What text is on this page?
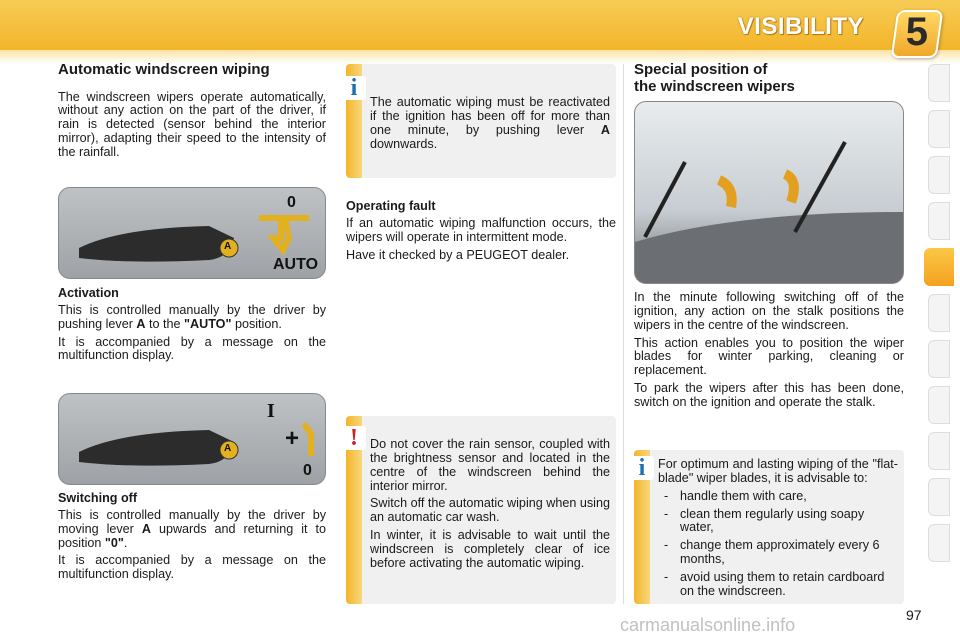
VISIBILITY 5
Automatic windscreen wiping

The windscreen wipers operate automatically, without any action on the part of the driver, if rain is detected (sensor behind the interior mirror), adapting their speed to the intensity of the rainfall.

0
AUTO
A
Activation

This is controlled manually by the driver by pushing lever A to the "AUTO" position.

It is accompanied by a message on the multifunction display.

I
+
0
A
Switching off

This is controlled manually by the driver by moving lever A upwards and returning it to position "0".

It is accompanied by a message on the multifunction display.

The automatic wiping must be reactivated if the ignition has been off for more than one minute, by pushing lever A downwards.

i
Operating fault

If an automatic wiping malfunction occurs, the wipers will operate in intermittent mode.

Have it checked by a PEUGEOT dealer.

Do not cover the rain sensor, coupled with the brightness sensor and located in the centre of the windscreen behind the interior mirror.

Switch off the automatic wiping when using an automatic car wash.

In winter, it is advisable to wait until the windscreen is completely clear of ice before activating the automatic wiping.

!
Special position of
the windscreen wipers

In the minute following switching off of the ignition, any action on the stalk positions the wipers in the centre of the windscreen.

This action enables you to position the wiper blades for winter parking, cleaning or replacement.

To park the wipers after this has been done, switch on the ignition and operate the stalk.

For optimum and lasting wiping of the "flat-blade" wiper blades, it is advisable to:

- handle them with care,
- clean them regularly using soapy water,
- change them approximately every 6 months,
- avoid using them to retain cardboard on the windscreen.
i
97
carmanualsonline.info
